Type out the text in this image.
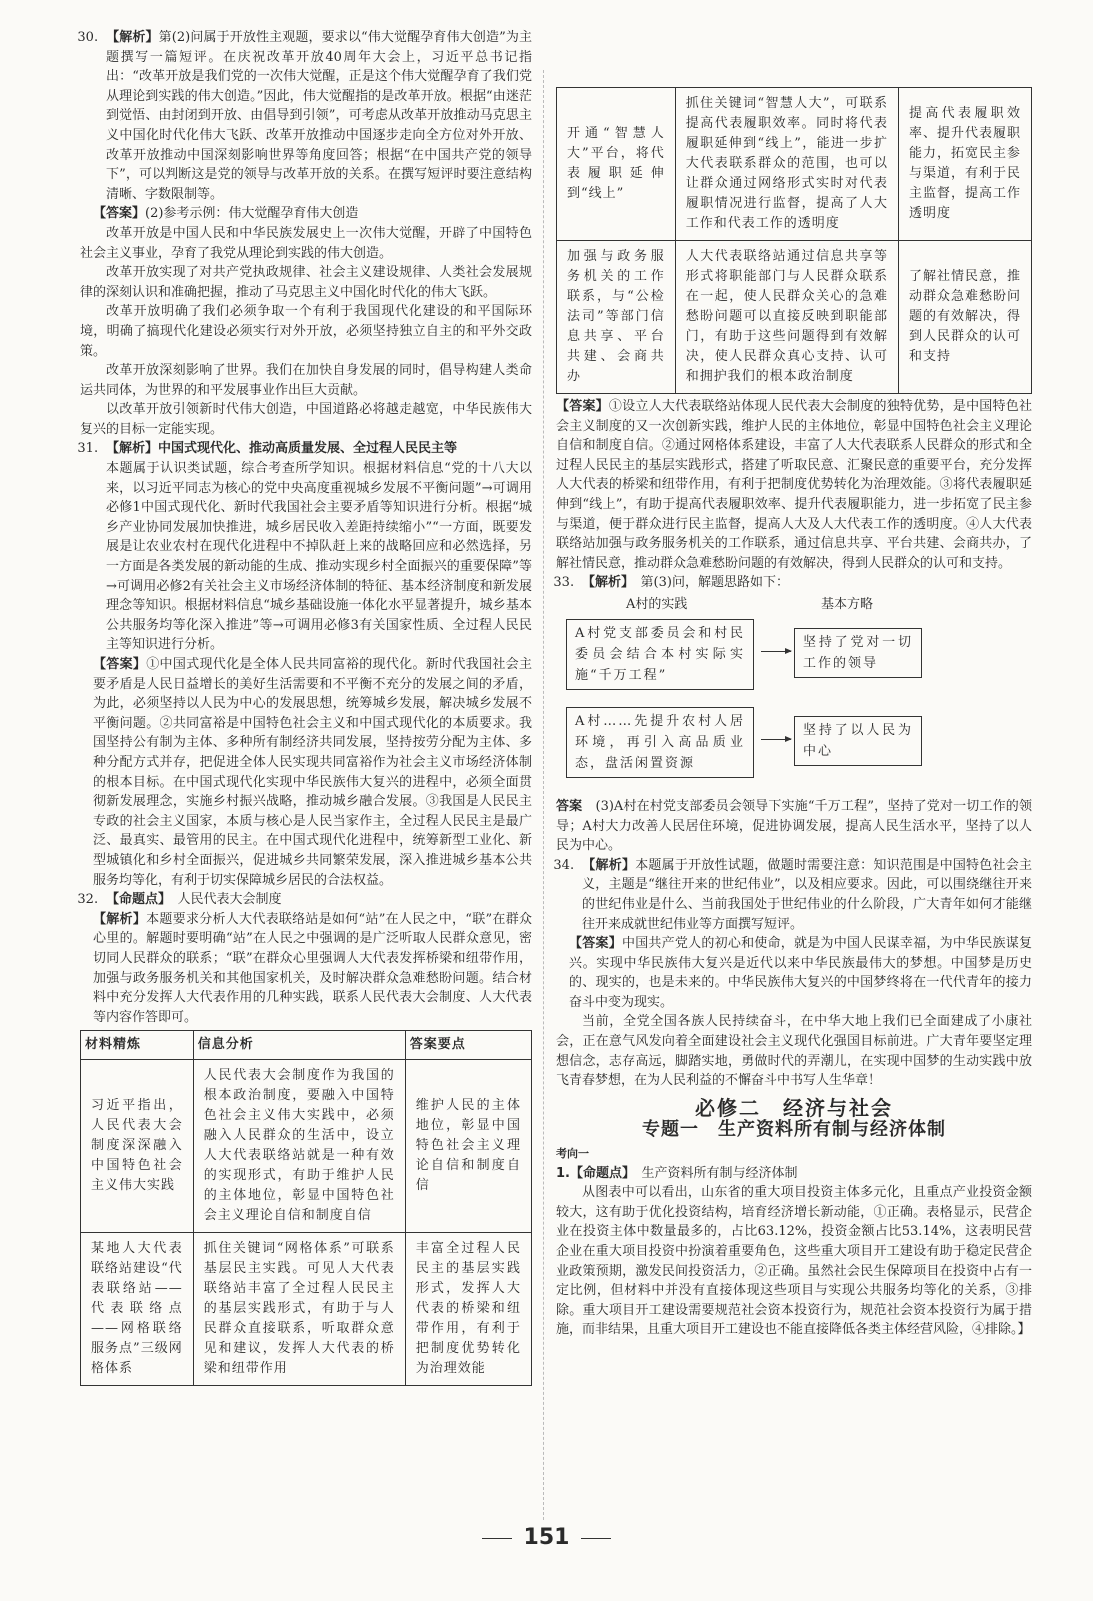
30. 【解析】第(2)问属于开放性主观题，要求以“伟大觉醒孕育伟大创造”为主题撰写一篇短评。在庆祝改革开放40周年大会上，习近平总书记指出：“改革开放是我们党的一次伟大觉醒，正是这个伟大觉醒孕育了我们党从理论到实践的伟大创造。”因此，伟大觉醒指的是改革开放。根据“由迷茫到觉悟、由封闭到开放、由倡导到引领”，可考虑从改革开放推动马克思主义中国化时代化伟大飞跃、改革开放推动中国逐步走向全方位对外开放、改革开放推动中国深刻影响世界等角度回答；根据“在中国共产党的领导下”，可以判断这是党的领导与改革开放的关系。在撰写短评时要注意结构清晰、字数限制等。

【答案】(2)参考示例：伟大觉醒孕育伟大创造

改革开放是中国人民和中华民族发展史上一次伟大觉醒，开辟了中国特色社会主义事业，孕育了我党从理论到实践的伟大创造。

改革开放实现了对共产党执政规律、社会主义建设规律、人类社会发展规律的深刻认识和准确把握，推动了马克思主义中国化时代化的伟大飞跃。

改革开放明确了我们必须争取一个有利于我国现代化建设的和平国际环境，明确了搞现代化建设必须实行对外开放，必须坚持独立自主的和平外交政策。

改革开放深刻影响了世界。我们在加快自身发展的同时，倡导构建人类命运共同体，为世界的和平发展事业作出巨大贡献。

以改革开放引领新时代伟大创造，中国道路必将越走越宽，中华民族伟大复兴的目标一定能实现。

31. 【解析】中国式现代化、推动高质量发展、全过程人民民主等

本题属于认识类试题，综合考查所学知识。根据材料信息“党的十八大以来，以习近平同志为核心的党中央高度重视城乡发展不平衡问题”→可调用必修1中国式现代化、新时代我国社会主要矛盾等知识进行分析。根据“城乡产业协同发展加快推进，城乡居民收入差距持续缩小”“一方面，既要发展是让农业农村在现代化进程中不掉队赶上来的战略回应和必然选择，另一方面是各类发展的新动能的生成、推动实现乡村全面振兴的重要保障”等→可调用必修2有关社会主义市场经济体制的特征、基本经济制度和新发展理念等知识。根据材料信息“城乡基础设施一体化水平显著提升，城乡基本公共服务均等化深入推进”等→可调用必修3有关国家性质、全过程人民民主等知识进行分析。

【答案】①中国式现代化是全体人民共同富裕的现代化。新时代我国社会主要矛盾是人民日益增长的美好生活需要和不平衡不充分的发展之间的矛盾，为此，必须坚持以人民为中心的发展思想，统筹城乡发展，解决城乡发展不平衡问题。②共同富裕是中国特色社会主义和中国式现代化的本质要求。我国坚持公有制为主体、多种所有制经济共同发展，坚持按劳分配为主体、多种分配方式并存，把促进全体人民实现共同富裕作为社会主义市场经济体制的根本目标。在中国式现代化实现中华民族伟大复兴的进程中，必须全面贯彻新发展理念，实施乡村振兴战略，推动城乡融合发展。③我国是人民民主专政的社会主义国家，本质与核心是人民当家作主，全过程人民民主是最广泛、最真实、最管用的民主。在中国式现代化进程中，统筹新型工业化、新型城镇化和乡村全面振兴，促进城乡共同繁荣发展，深入推进城乡基本公共服务均等化，有利于切实保障城乡居民的合法权益。

32. 【命题点】　 人民代表大会制度

【解析】本题要求分析人大代表联络站是如何“站”在人民之中，“联”在群众心里的。解题时要明确“站”在人民之中强调的是广泛听取人民群众意见，密切同人民群众的联系；“联”在群众心里强调人大代表发挥桥梁和纽带作用，加强与政务服务机关和其他国家机关，及时解决群众急难愁盼问题。结合材料中充分发挥人大代表作用的几种实践，联系人民代表大会制度、人大代表等内容作答即可。

材料精炼	信息分析	答案要点
习近平指出，人民代表大会制度深深融入中国特色社会主义伟大实践	人民代表大会制度作为我国的根本政治制度，要融入中国特色社会主义伟大实践中，必须融入人民群众的生活中，设立人大代表联络站就是一种有效的实现形式，有助于维护人民的主体地位，彰显中国特色社会主义理论自信和制度自信	维护人民的主体地位，彰显中国特色社会主义理论自信和制度自信
某地人大代表联络站建设“代表联络站——代表联络点——网格联络服务点”三级网格体系	抓住关键词“网格体系”可联系基层民主实践。可见人大代表联络站丰富了全过程人民民主的基层实践形式，有助于与人民群众直接联系，听取群众意见和建议，发挥人大代表的桥梁和纽带作用	丰富全过程人民民主的基层实践形式，发挥人大代表的桥梁和纽带作用，有利于把制度优势转化为治理效能
开通“智慧人大”平台，将代表履职延伸到“线上”	抓住关键词“智慧人大”，可联系提高代表履职效率。同时将代表履职延伸到“线上”，能进一步扩大代表联系群众的范围，也可以让群众通过网络形式实时对代表履职情况进行监督，提高了人大工作和代表工作的透明度	提高代表履职效率、提升代表履职能力，拓宽民主参与渠道，有利于民主监督，提高工作透明度
加强与政务服务机关的工作联系，与“公检法司”等部门信息共享、平台共建、会商共办	人大代表联络站通过信息共享等形式将职能部门与人民群众联系在一起，使人民群众关心的急难愁盼问题可以直接反映到职能部门，有助于这些问题得到有效解决，使人民群众真心支持、认可和拥护我们的根本政治制度	了解社情民意，推动群众急难愁盼问题的有效解决，得到人民群众的认可和支持

【答案】①设立人大代表联络站体现人民代表大会制度的独特优势，是中国特色社会主义制度的又一次创新实践，维护人民的主体地位，彰显中国特色社会主义理论自信和制度自信。②通过网格体系建设，丰富了人大代表联系人民群众的形式和全过程人民民主的基层实践形式，搭建了听取民意、汇聚民意的重要平台，充分发挥人大代表的桥梁和纽带作用，有利于把制度优势转化为治理效能。③将代表履职延伸到“线上”，有助于提高代表履职效率、提升代表履职能力，进一步拓宽了民主参与渠道，便于群众进行民主监督，提高人大及人大代表工作的透明度。④人大代表联络站加强与政务服务机关的工作联系，通过信息共享、平台共建、会商共办，了解社情民意，推动群众急难愁盼问题的有效解决，得到人民群众的认可和支持。

33. 【解析】　 第(3)问，解题思路如下：

A村的实践	基本方略
A村党支部委员会和村民委员会结合本村实际实施“千万工程”
坚持了党对一切工作的领导
A村……先提升农村人居环境，再引入高品质业态，盘活闲置资源
坚持了以人民为中心

答案　 (3)A村在村党支部委员会领导下实施“千万工程”，坚持了党对一切工作的领导；A村大力改善人民居住环境，促进协调发展，提高人民生活水平，坚持了以人民为中心。

34. 【解析】本题属于开放性试题，做题时需要注意：知识范围是中国特色社会主义，主题是“继往开来的世纪伟业”，以及相应要求。因此，可以围绕继往开来的世纪伟业是什么、当前我国处于世纪伟业的什么阶段，广大青年如何才能继往开来成就世纪伟业等方面撰写短评。

【答案】中国共产党人的初心和使命，就是为中国人民谋幸福，为中华民族谋复兴。实现中华民族伟大复兴是近代以来中华民族最伟大的梦想。中国梦是历史的、现实的，也是未来的。中华民族伟大复兴的中国梦终将在一代代青年的接力奋斗中变为现实。

当前，全党全国各族人民持续奋斗，在中华大地上我们已全面建成了小康社会，正在意气风发向着全面建设社会主义现代化强国目标前进。广大青年要坚定理想信念，志存高远，脚踏实地，勇做时代的弄潮儿，在实现中国梦的生动实践中放飞青春梦想，在为人民利益的不懈奋斗中书写人生华章！

必修二　经济与社会
专题一　生产资料所有制与经济体制

考向一

1.【命题点】　 生产资料所有制与经济体制

从图表中可以看出，山东省的重大项目投资主体多元化，且重点产业投资金额较大，这有助于优化投资结构，培育经济增长新动能，①正确。表格显示，民营企业在投资主体中数量最多的，占比63.12%，投资金额占比53.14%，这表明民营企业在重大项目投资中扮演着重要角色，这些重大项目开工建设有助于稳定民营企业政策预期，激发民间投资活力，②正确。虽然社会民生保障项目在投资中占有一定比例，但材料中并没有直接体现这些项目与实现公共服务均等化的关系，③排除。重大项目开工建设需要规范社会资本投资行为，规范社会资本投资行为属于措施，而非结果，且重大项目开工建设也不能直接降低各类主体经营风险，④排除。】

151
